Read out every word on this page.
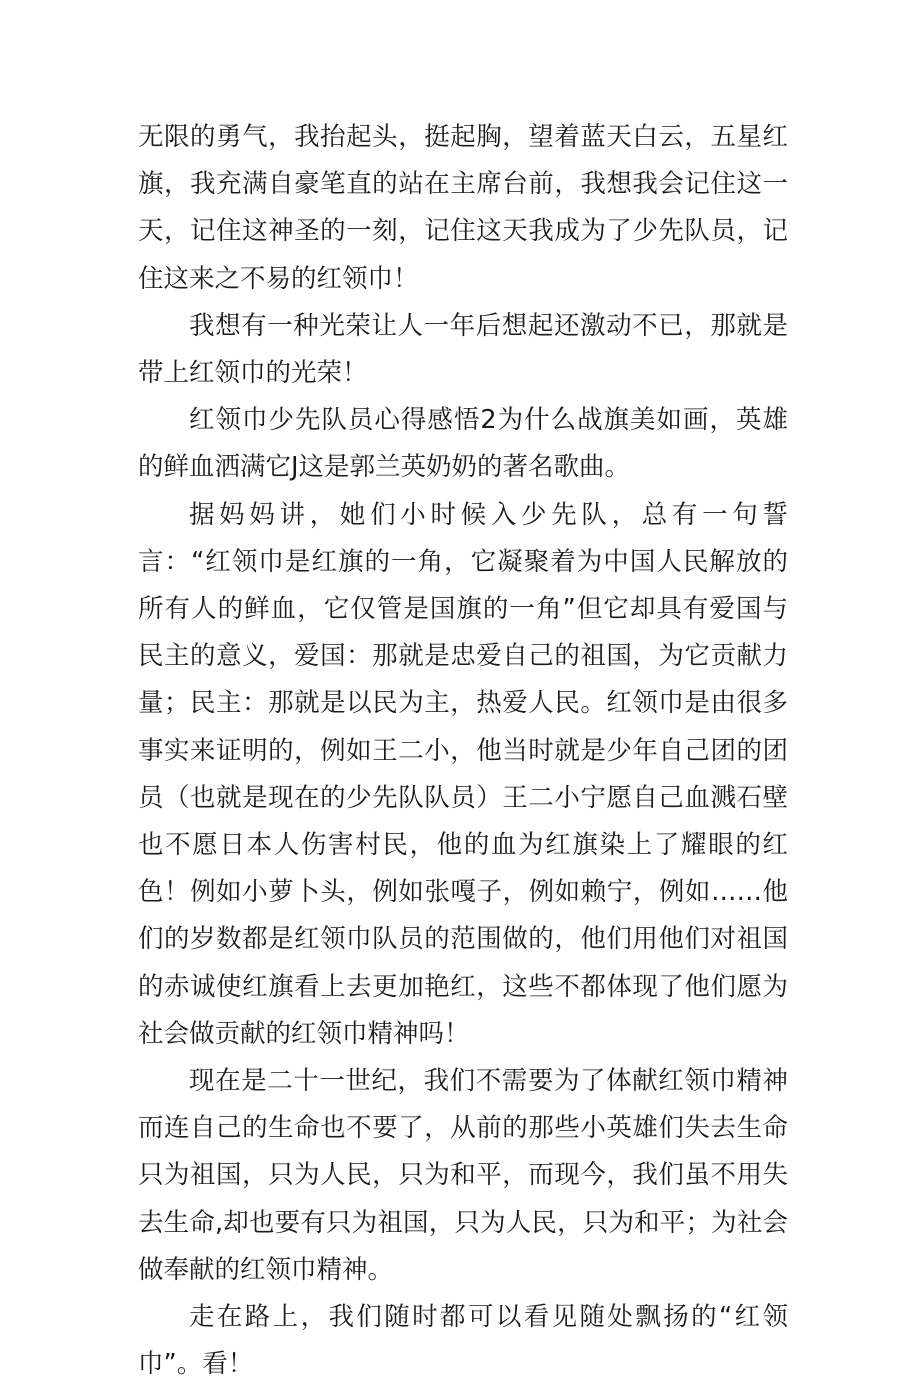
无限的勇气，我抬起头，挺起胸，望着蓝天白云，五星红旗，我充满自豪笔直的站在主席台前，我想我会记住这一天，记住这神圣的一刻，记住这天我成为了少先队员，记住这来之不易的红领巾！

我想有一种光荣让人一年后想起还激动不已，那就是带上红领巾的光荣！

红领巾少先队员心得感悟2为什么战旗美如画，英雄的鲜血洒满它J这是郭兰英奶奶的著名歌曲。

据妈妈讲，她们小时候入少先队，总有一句誓言：“红领巾是红旗的一角，它凝聚着为中国人民解放的所有人的鲜血，它仅管是国旗的一角”但它却具有爱国与民主的意义，爱国：那就是忠爱自己的祖国，为它贡献力量；民主：那就是以民为主，热爱人民。红领巾是由很多事实来证明的，例如王二小，他当时就是少年自己团的团员（也就是现在的少先队队员）王二小宁愿自己血溅石壁也不愿日本人伤害村民，他的血为红旗染上了耀眼的红色！例如小萝卜头，例如张嘎子，例如赖宁，例如……他们的岁数都是红领巾队员的范围做的，他们用他们对祖国的赤诚使红旗看上去更加艳红，这些不都体现了他们愿为社会做贡献的红领巾精神吗！

现在是二十一世纪，我们不需要为了体献红领巾精神而连自己的生命也不要了，从前的那些小英雄们失去生命只为祖国，只为人民，只为和平，而现今，我们虽不用失去生命,却也要有只为祖国，只为人民，只为和平；为社会做奉献的红领巾精神。

走在路上，我们随时都可以看见随处飘扬的“红领巾”。看！
